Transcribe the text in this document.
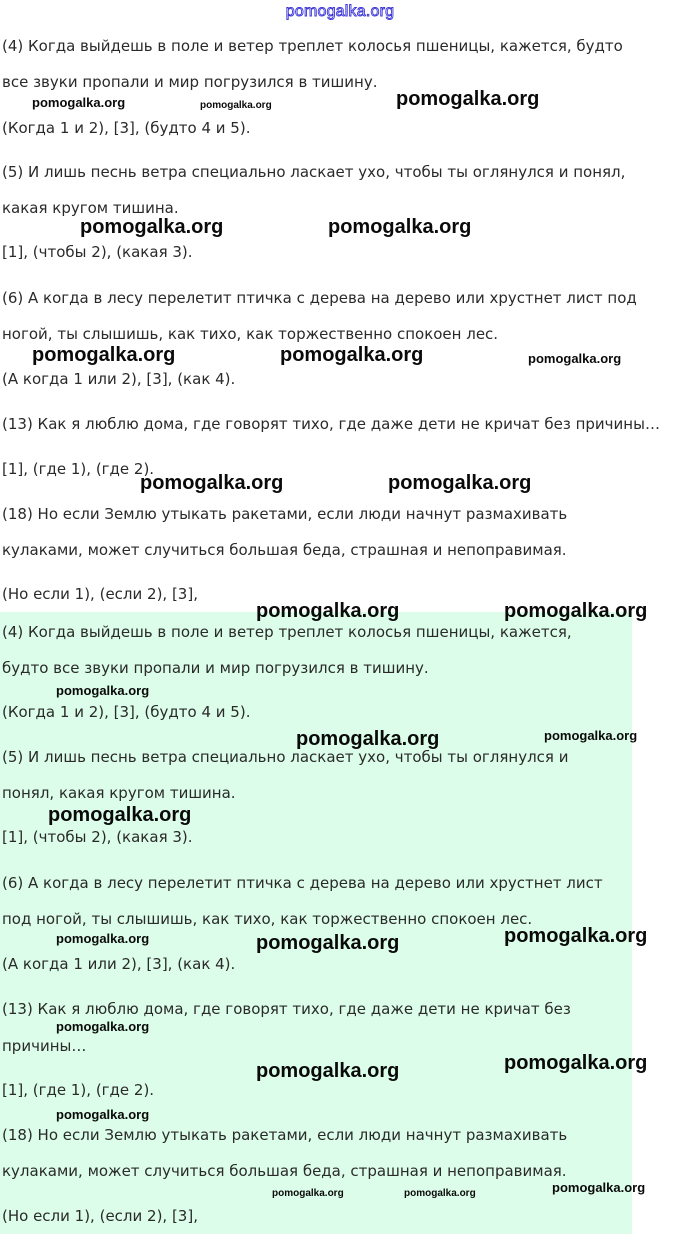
pomogalka.org
(4) Когда выйдешь в поле и ветер треплет колосья пшеницы, кажется, будто
все звуки пропали и мир погрузился в тишину.
(Когда 1 и 2), [3], (будто 4 и 5).
(5) И лишь песнь ветра специально ласкает ухо, чтобы ты оглянулся и понял,
какая кругом тишина.
[1], (чтобы 2), (какая 3).
(6) А когда в лесу перелетит птичка с дерева на дерево или хрустнет лист под
ногой, ты слышишь, как тихо, как торжественно спокоен лес.
(А когда 1 или 2), [3], (как 4).
(13) Как я люблю дома, где говорят тихо, где даже дети не кричат без причины…
[1], (где 1), (где 2).
(18) Но если Землю утыкать ракетами, если люди начнут размахивать
кулаками, может случиться большая беда, страшная и непоправимая.
(Но если 1), (если 2), [3],
(4) Когда выйдешь в поле и ветер треплет колосья пшеницы, кажется,
будто все звуки пропали и мир погрузился в тишину.
(Когда 1 и 2), [3], (будто 4 и 5).
(5) И лишь песнь ветра специально ласкает ухо, чтобы ты оглянулся и
понял, какая кругом тишина.
[1], (чтобы 2), (какая 3).
(6) А когда в лесу перелетит птичка с дерева на дерево или хрустнет лист
под ногой, ты слышишь, как тихо, как торжественно спокоен лес.
(А когда 1 или 2), [3], (как 4).
(13) Как я люблю дома, где говорят тихо, где даже дети не кричат без
причины…
[1], (где 1), (где 2).
(18) Но если Землю утыкать ракетами, если люди начнут размахивать
кулаками, может случиться большая беда, страшная и непоправимая.
(Но если 1), (если 2), [3],
pomogalka.org	pomogalka.org	pomogalka.org
pomogalka.org	pomogalka.org
pomogalka.org	pomogalka.org	pomogalka.org
pomogalka.org	pomogalka.org
pomogalka.org	pomogalka.org
pomogalka.org
pomogalka.org	pomogalka.org
pomogalka.org
pomogalka.org	pomogalka.org	pomogalka.org
pomogalka.org
pomogalka.org	pomogalka.org
pomogalka.org
pomogalka.org	pomogalka.org	pomogalka.org
